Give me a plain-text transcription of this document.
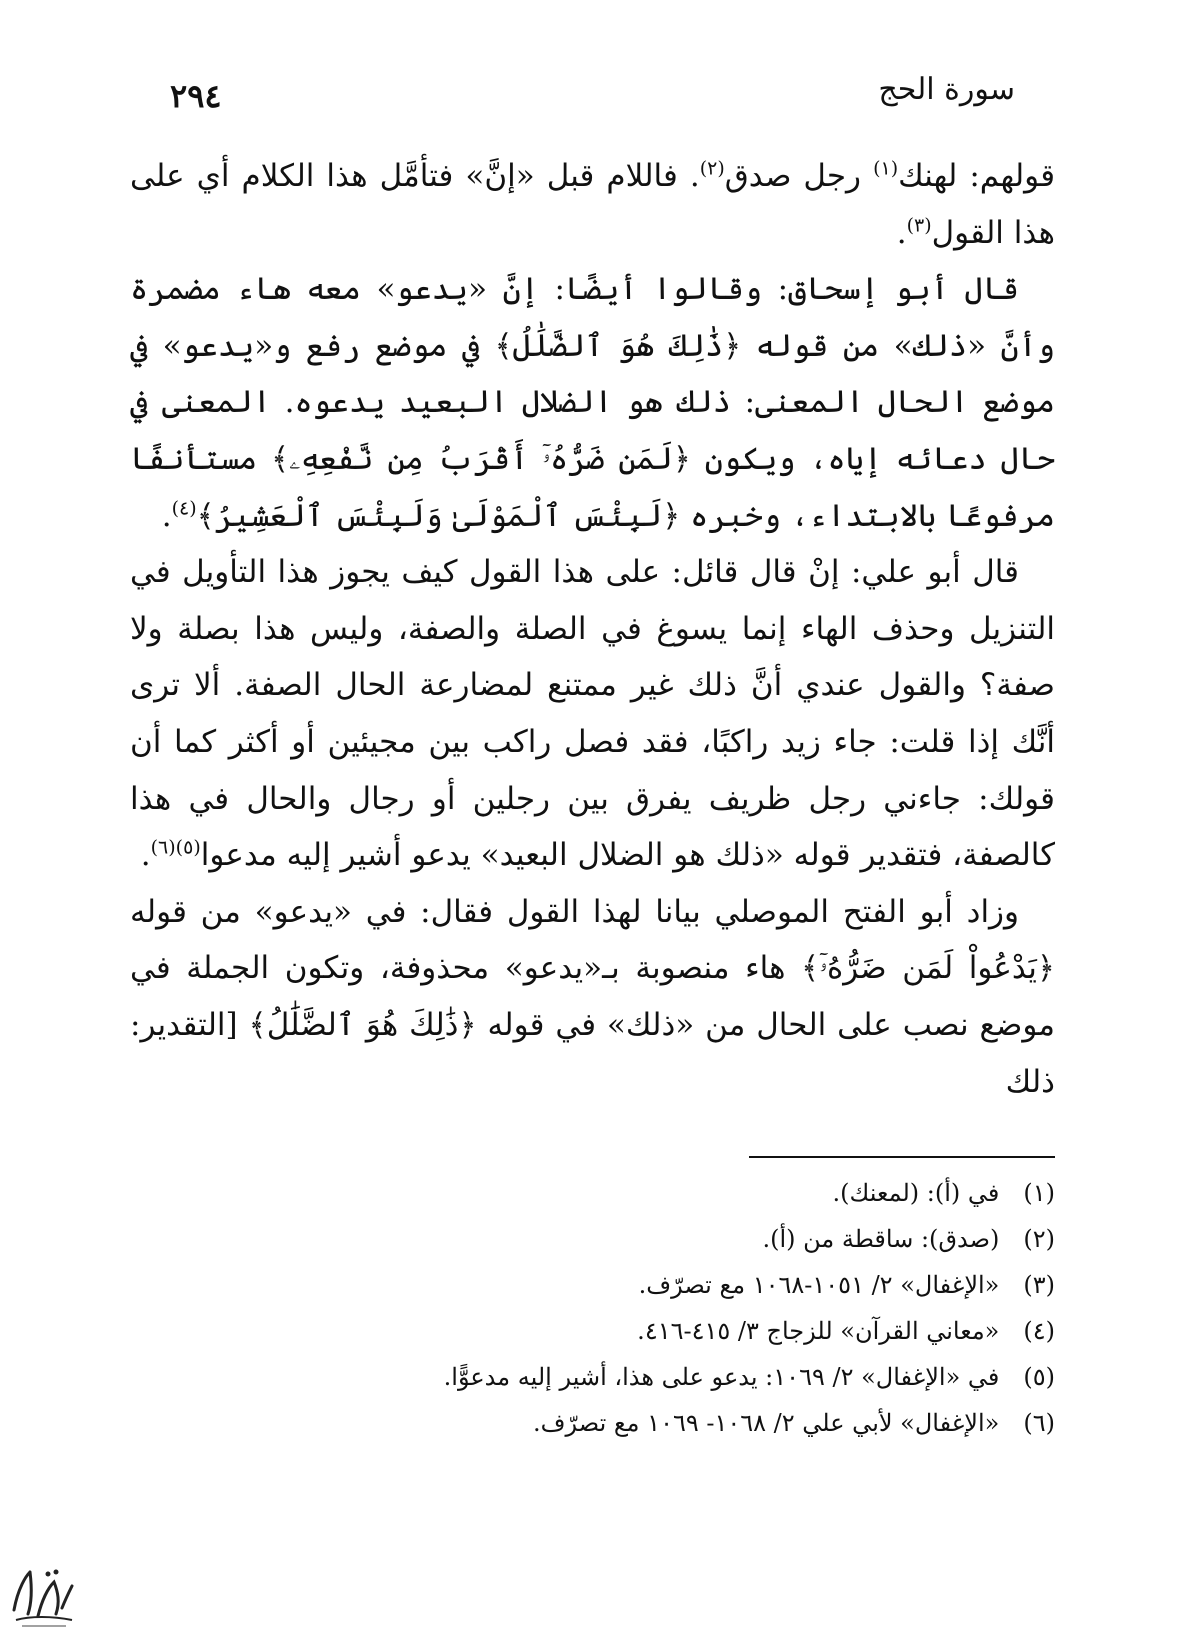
سورة الحج
٢٩٤

قولهم: لهنك$^{(١)}$ رجل صدق$^{(٢)}$. فاللام قبل «إنَّ» فتأمَّل هذا الكلام أي على هذا القول$^{(٣)}$.

قال أبو إسحاق: وقالوا أيضًا: إنَّ «يدعو» معه هاء مضمرة وأنَّ «ذلك» من قوله ﴿ذَٰلِكَ هُوَ ٱلضَّلَٰلُ﴾ في موضع رفع و«يدعو» في موضع الحال المعنى: ذلك هو الضلال البعيد يدعوه. المعنى في حال دعائه إياه، ويكون ﴿لَمَن ضَرُّهُۥٓ أَقْرَبُ مِن نَّفْعِهِۦ﴾ مستأنفًا مرفوعًا بالابتداء، وخبره ﴿لَبِئْسَ ٱلْمَوْلَىٰ وَلَبِئْسَ ٱلْعَشِيرُ﴾$^{(٤)}$.

قال أبو علي: إنْ قال قائل: على هذا القول كيف يجوز هذا التأويل في التنزيل وحذف الهاء إنما يسوغ في الصلة والصفة، وليس هذا بصلة ولا صفة؟ والقول عندي أنَّ ذلك غير ممتنع لمضارعة الحال الصفة. ألا ترى أنَّك إذا قلت: جاء زيد راكبًا، فقد فصل راكب بين مجيئين أو أكثر كما أن قولك: جاءني رجل ظريف يفرق بين رجلين أو رجال والحال في هذا كالصفة، فتقدير قوله «ذلك هو الضلال البعيد» يدعو أشير إليه مدعوا$^{(٥)(٦)}$.

وزاد أبو الفتح الموصلي بيانا لهذا القول فقال: في «يدعو» من قوله ﴿يَدْعُواْ لَمَن ضَرُّهُۥٓ﴾ هاء منصوبة بـ«يدعو» محذوفة، وتكون الجملة في موضع نصب على الحال من «ذلك» في قوله ﴿ذَٰلِكَ هُوَ ٱلضَّلَٰلُ﴾ [التقدير: ذلك

(١) في (أ): (لمعنك).

(٢) (صدق): ساقطة من (أ).

(٣) «الإغفال» ٢/ ١٠٥١-١٠٦٨ مع تصرّف.

(٤) «معاني القرآن» للزجاج ٣/ ٤١٥-٤١٦.

(٥) في «الإغفال» ٢/ ١٠٦٩: يدعو على هذا، أشير إليه مدعوًّا.

(٦) «الإغفال» لأبي علي ٢/ ١٠٦٨- ١٠٦٩ مع تصرّف.
